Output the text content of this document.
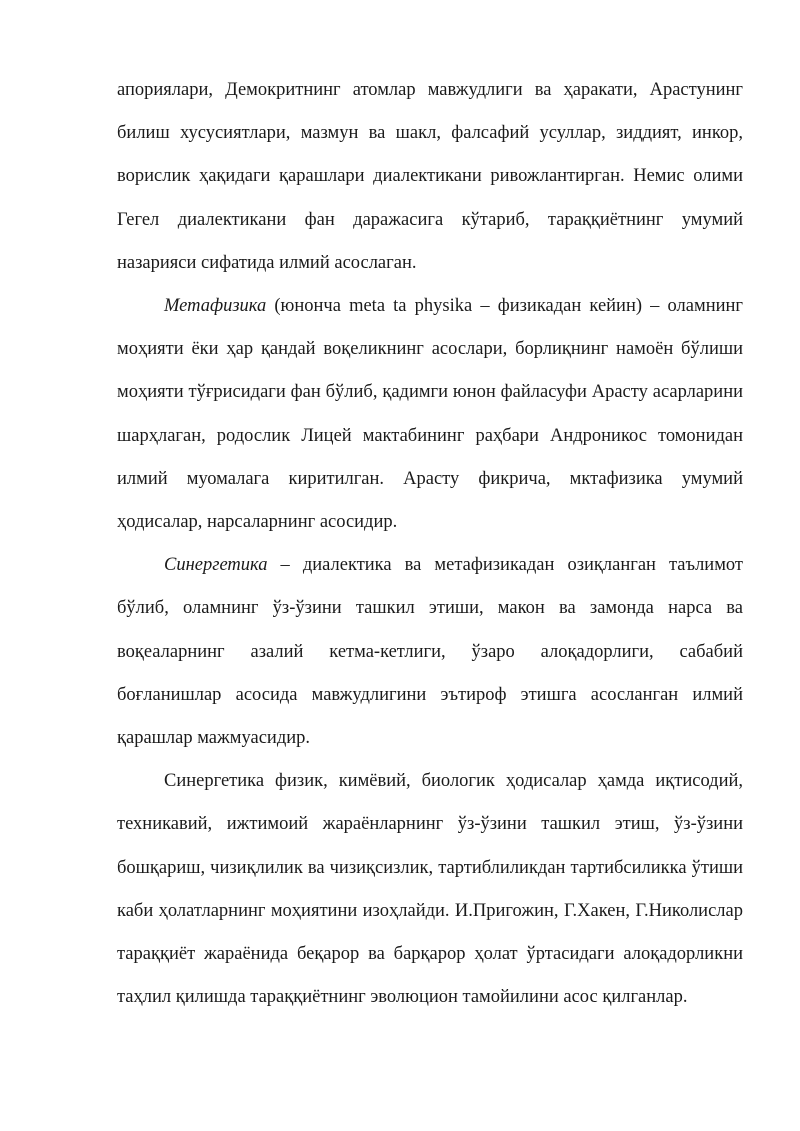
апориялари, Демокритнинг атомлар мавжудлиги ва ҳаракати, Арастунинг билиш хусусиятлари, мазмун ва шакл, фалсафий усуллар, зиддият, инкор, ворислик ҳақидаги қарашлари диалектикани ривожлантирган. Немис олими Гегел диалектикани фан даражасига кўтариб, тараққиётнинг умумий назарияси сифатида илмий асослаган.

Метафизика (юнонча meta ta physika – физикадан кейин) – оламнинг моҳияти ёки ҳар қандай воқеликнинг асослари, борлиқнинг намоён бўлиши моҳияти тўғрисидаги фан бўлиб, қадимги юнон файласуфи Арасту асарларини шарҳлаган, родослик Лицей мактабининг раҳбари Андроникос томонидан илмий муомалага киритилган. Арасту фикрича, мктафизика умумий ҳодисалар, нарсаларнинг асосидир.

Синергетика – диалектика ва метафизикадан озиқланган таълимот бўлиб, оламнинг ўз-ўзини ташкил этиши, макон ва замонда нарса ва воқеаларнинг азалий кетма-кетлиги, ўзаро алоқадорлиги, сабабий боғланишлар асосида мавжудлигини эътироф этишга асосланган илмий қарашлар мажмуасидир.

Синергетика физик, кимёвий, биологик ҳодисалар ҳамда иқтисодий, техникавий, ижтимоий жараёнларнинг ўз-ўзини ташкил этиш, ўз-ўзини бошқариш, чизиқлилик ва чизиқсизлик, тартиблиликдан тартибсиликка ўтиши каби ҳолатларнинг моҳиятини изоҳлайди. И.Пригожин, Г.Хакен, Г.Николислар тараққиёт жараёнида беқарор ва барқарор ҳолат ўртасидаги алоқадорликни таҳлил қилишда тараққиётнинг эволюцион тамойилини асос қилганлар.
